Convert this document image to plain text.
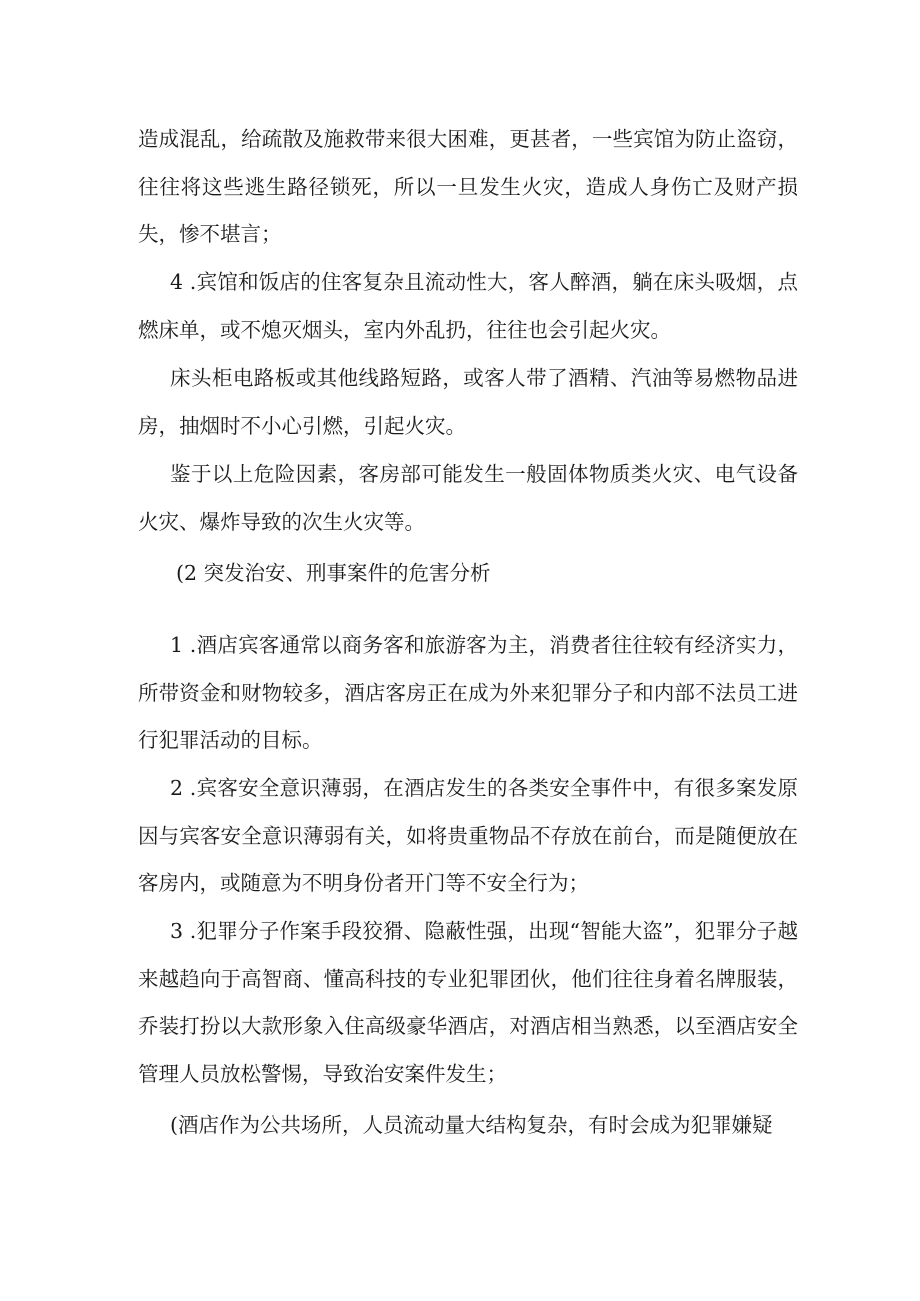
造成混乱，给疏散及施救带来很大困难，更甚者，一些宾馆为防止盗窃，往往将这些逃生路径锁死，所以一旦发生火灾，造成人身伤亡及财产损失，惨不堪言；

4 .宾馆和饭店的住客复杂且流动性大，客人醉酒，躺在床头吸烟，点燃床单，或不熄灭烟头，室内外乱扔，往往也会引起火灾。

床头柜电路板或其他线路短路，或客人带了酒精、汽油等易燃物品进房，抽烟时不小心引燃，引起火灾。

鉴于以上危险因素，客房部可能发生一般固体物质类火灾、电气设备火灾、爆炸导致的次生火灾等。

(2 突发治安、刑事案件的危害分析

1 .酒店宾客通常以商务客和旅游客为主，消费者往往较有经济实力，所带资金和财物较多，酒店客房正在成为外来犯罪分子和内部不法员工进行犯罪活动的目标。

2 .宾客安全意识薄弱，在酒店发生的各类安全事件中，有很多案发原因与宾客安全意识薄弱有关，如将贵重物品不存放在前台，而是随便放在客房内，或随意为不明身份者开门等不安全行为；

3 .犯罪分子作案手段狡猾、隐蔽性强，出现“智能大盗”，犯罪分子越来越趋向于高智商、懂高科技的专业犯罪团伙，他们往往身着名牌服装，乔装打扮以大款形象入住高级豪华酒店，对酒店相当熟悉，以至酒店安全管理人员放松警惕，导致治安案件发生；

(酒店作为公共场所，人员流动量大结构复杂，有时会成为犯罪嫌疑
